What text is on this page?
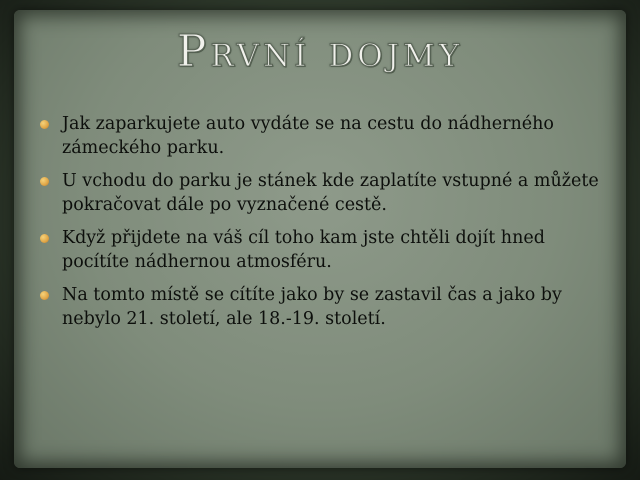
První dojmy
Jak zaparkujete auto vydáte se na cestu do nádherného zámeckého parku.
U vchodu do parku je stánek kde zaplatíte vstupné a můžete pokračovat dále po vyznačené cestě.
Když přijdete na váš cíl toho kam jste chtěli dojít hned pocítíte nádhernou atmosféru.
Na tomto místě se cítíte jako by se zastavil čas a jako by nebylo 21. století, ale 18.-19. století.
